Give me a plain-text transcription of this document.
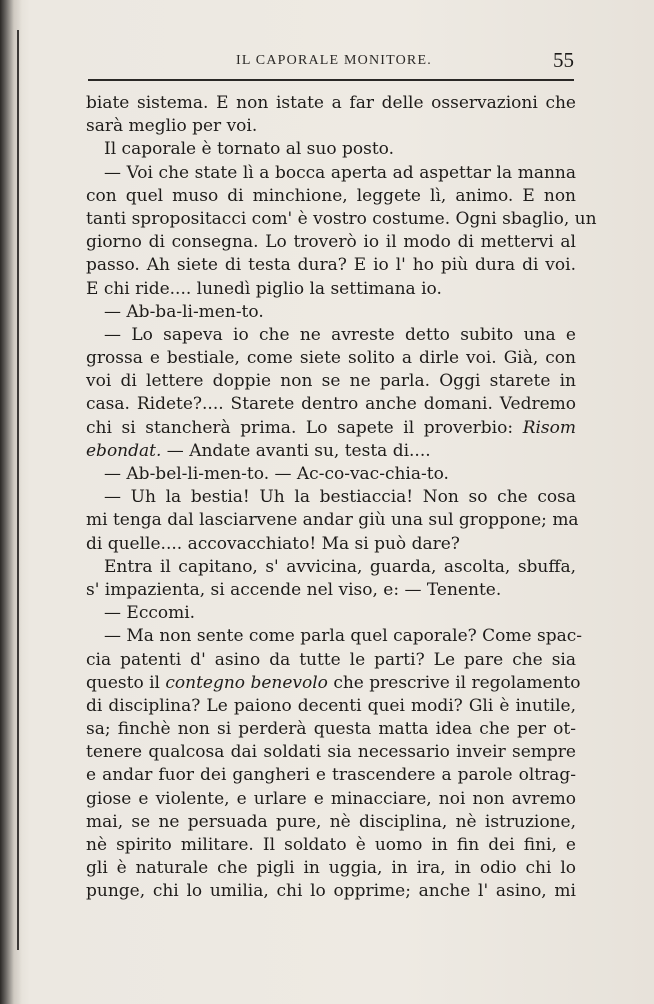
IL CAPORALE MONITORE.	55
biate sistema. E non istate a far delle osservazioni che
sarà meglio per voi.
Il caporale è tornato al suo posto.
— Voi che state lì a bocca aperta ad aspettar la manna
con quel muso di minchione, leggete lì, animo. E non
tanti spropositacci com' è vostro costume. Ogni sbaglio, un
giorno di consegna. Lo troverò io il modo di mettervi al
passo. Ah siete di testa dura? E io l' ho più dura di voi.
E chi ride.... lunedì piglio la settimana io.
— Ab-ba-li-men-to.
— Lo sapeva io che ne avreste detto subito una e
grossa e bestiale, come siete solito a dirle voi. Già, con
voi di lettere doppie non se ne parla. Oggi starete in
casa. Ridete?.... Starete dentro anche domani. Vedremo
chi si stancherà prima. Lo sapete il proverbio: Risom
ebondat. — Andate avanti su, testa di....
— Ab-bel-li-men-to. — Ac-co-vac-chia-to.
— Uh la bestia! Uh la bestiaccia! Non so che cosa
mi tenga dal lasciarvene andar giù una sul groppone; ma
di quelle.... accovacchiato! Ma si può dare?
Entra il capitano, s' avvicina, guarda, ascolta, sbuffa,
s' impazienta, si accende nel viso, e: — Tenente.
— Eccomi.
— Ma non sente come parla quel caporale? Come spac-
cia patenti d' asino da tutte le parti? Le pare che sia
questo il contegno benevolo che prescrive il regolamento
di disciplina? Le paiono decenti quei modi? Gli è inutile,
sa; finchè non si perderà questa matta idea che per ot-
tenere qualcosa dai soldati sia necessario inveir sempre
e andar fuor dei gangheri e trascendere a parole oltrag-
giose e violente, e urlare e minacciare, noi non avremo
mai, se ne persuada pure, nè disciplina, nè istruzione,
nè spirito militare. Il soldato è uomo in fin dei fini, e
gli è naturale che pigli in uggia, in ira, in odio chi lo
punge, chi lo umilia, chi lo opprime; anche l' asino, mi
